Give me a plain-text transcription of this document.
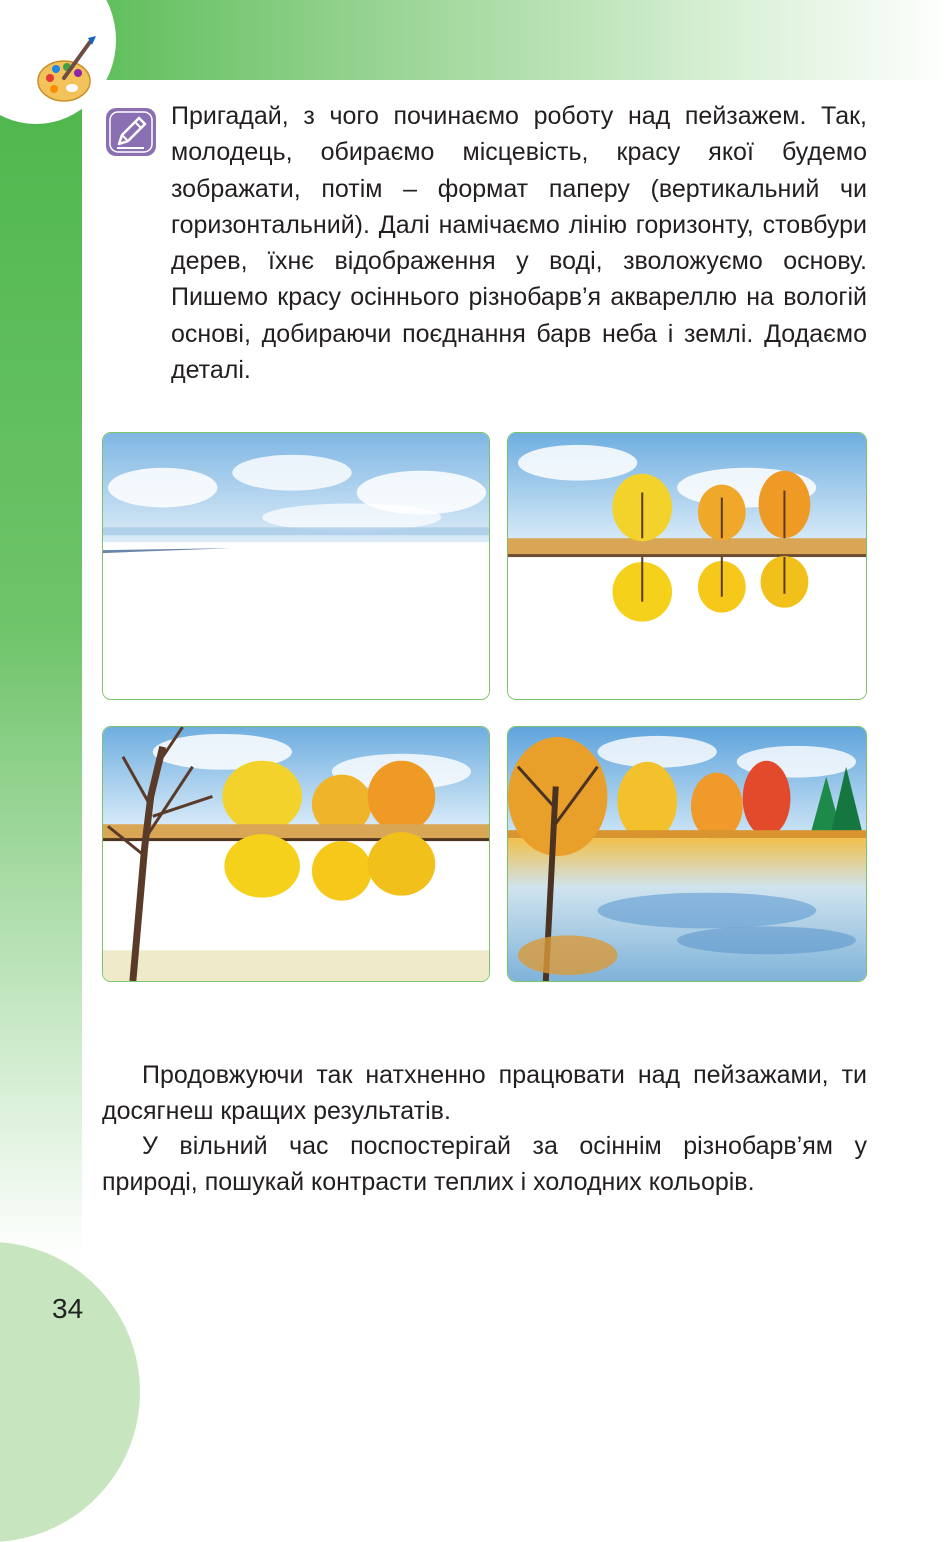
Пригадай, з чого починаємо роботу над пейзажем. Так, молодець, обираємо місцевість, красу якої будемо зображати, потім – формат паперу (вертикальний чи горизонтальний). Далі намічаємо лінію горизонту, стовбури дерев, їхнє відображення у воді, зволожуємо основу. Пишемо красу осіннього різнобарв’я аквареллю на вологій основі, добираючи поєднання барв неба і землі. Додаємо деталі.

Продовжуючи так натхненно працювати над пейзажами, ти досягнеш кращих результатів.

У вільний час поспостерігай за осіннім різнобарв’ям у природі, пошукай контрасти теплих і холодних кольорів.

34
